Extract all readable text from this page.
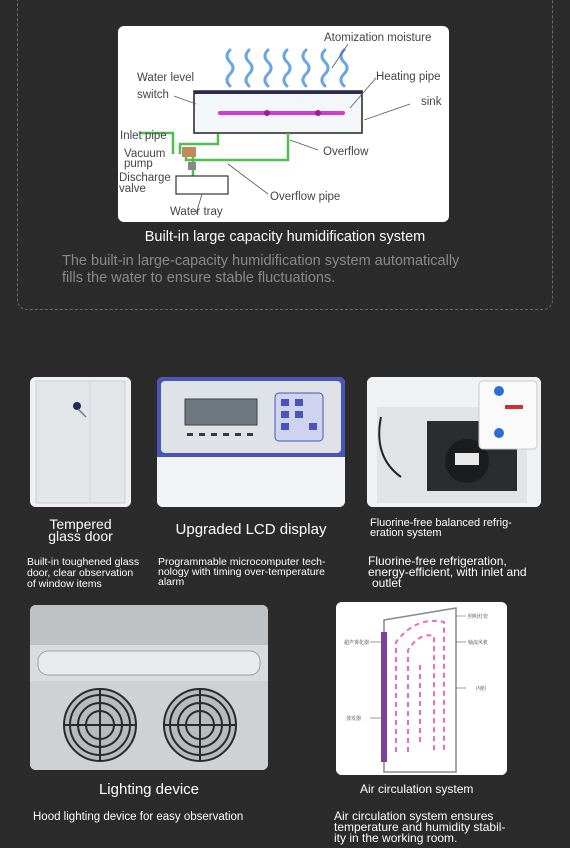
Atomization moisture
Water level
switch
Heating pipe
sink
Inlet pipe
Vacuum
pump
Discharge
valve
Overflow
Overflow pipe
Water tray
Built-in large capacity humidification system
The built-in large-capacity humidification system automatically
fills the water to ensure stable fluctuations.
Tempered
glass door
Built-in toughened glass
door, clear observation
of window items
Upgraded LCD display
Programmable microcomputer tech-
nology with timing over-temperature
alarm
Fluorine-free balanced refrig-
eration system
Fluorine-free refrigeration,
energy-efficient, with inlet and
outlet
Lighting device
Hood lighting device for easy observation
照明灯管
轴流风机
内胆
超声雾化器
蒸发器
Air circulation system
Air circulation system ensures
temperature and humidity stabil-
ity in the working room.
